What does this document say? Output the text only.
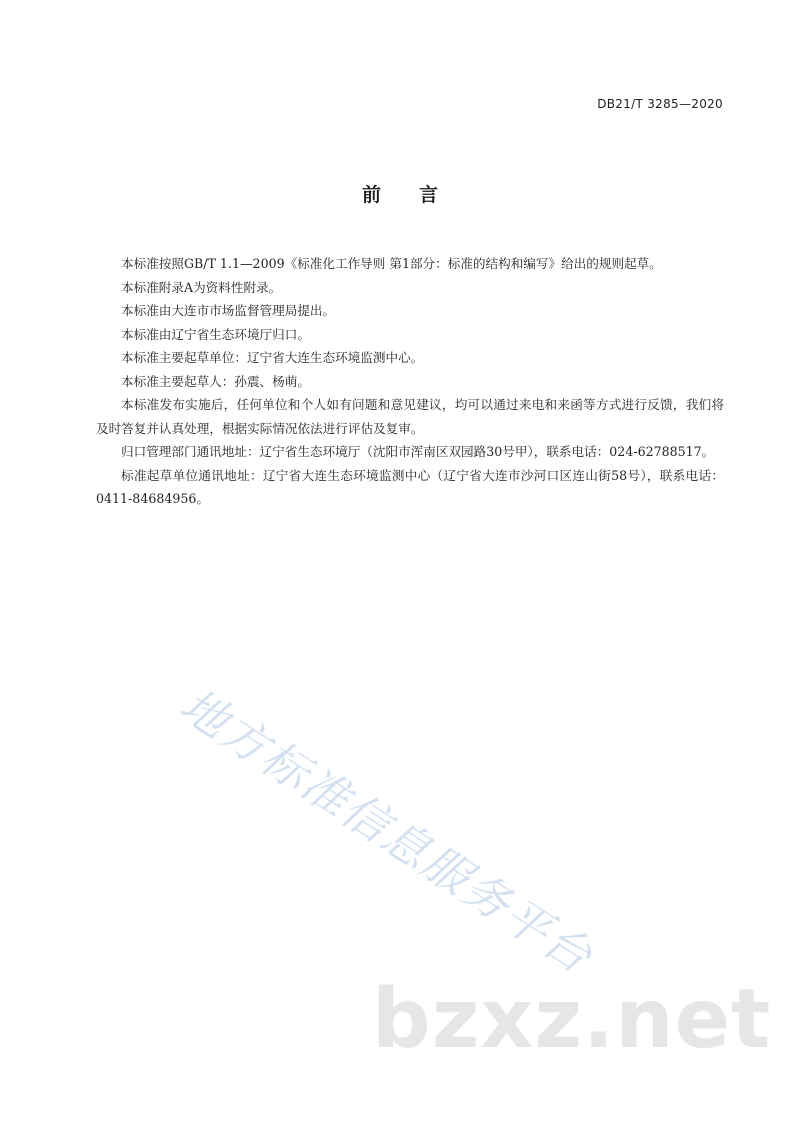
DB21/T 3285—2020
前言

本标准按照GB/T 1.1—2009《标准化工作导则 第1部分：标准的结构和编写》给出的规则起草。

本标准附录A为资料性附录。

本标准由大连市市场监督管理局提出。

本标准由辽宁省生态环境厅归口。

本标准主要起草单位：辽宁省大连生态环境监测中心。

本标准主要起草人：孙震、杨萌。

本标准发布实施后，任何单位和个人如有问题和意见建议，均可以通过来电和来函等方式进行反馈，我们将及时答复并认真处理，根据实际情况依法进行评估及复审。

归口管理部门通讯地址：辽宁省生态环境厅（沈阳市浑南区双园路30号甲），联系电话：024-62788517。

标准起草单位通讯地址：辽宁省大连生态环境监测中心（辽宁省大连市沙河口区连山街58号），联系电话：0411-84684956。

地方标准信息服务平台
bzxz.net
